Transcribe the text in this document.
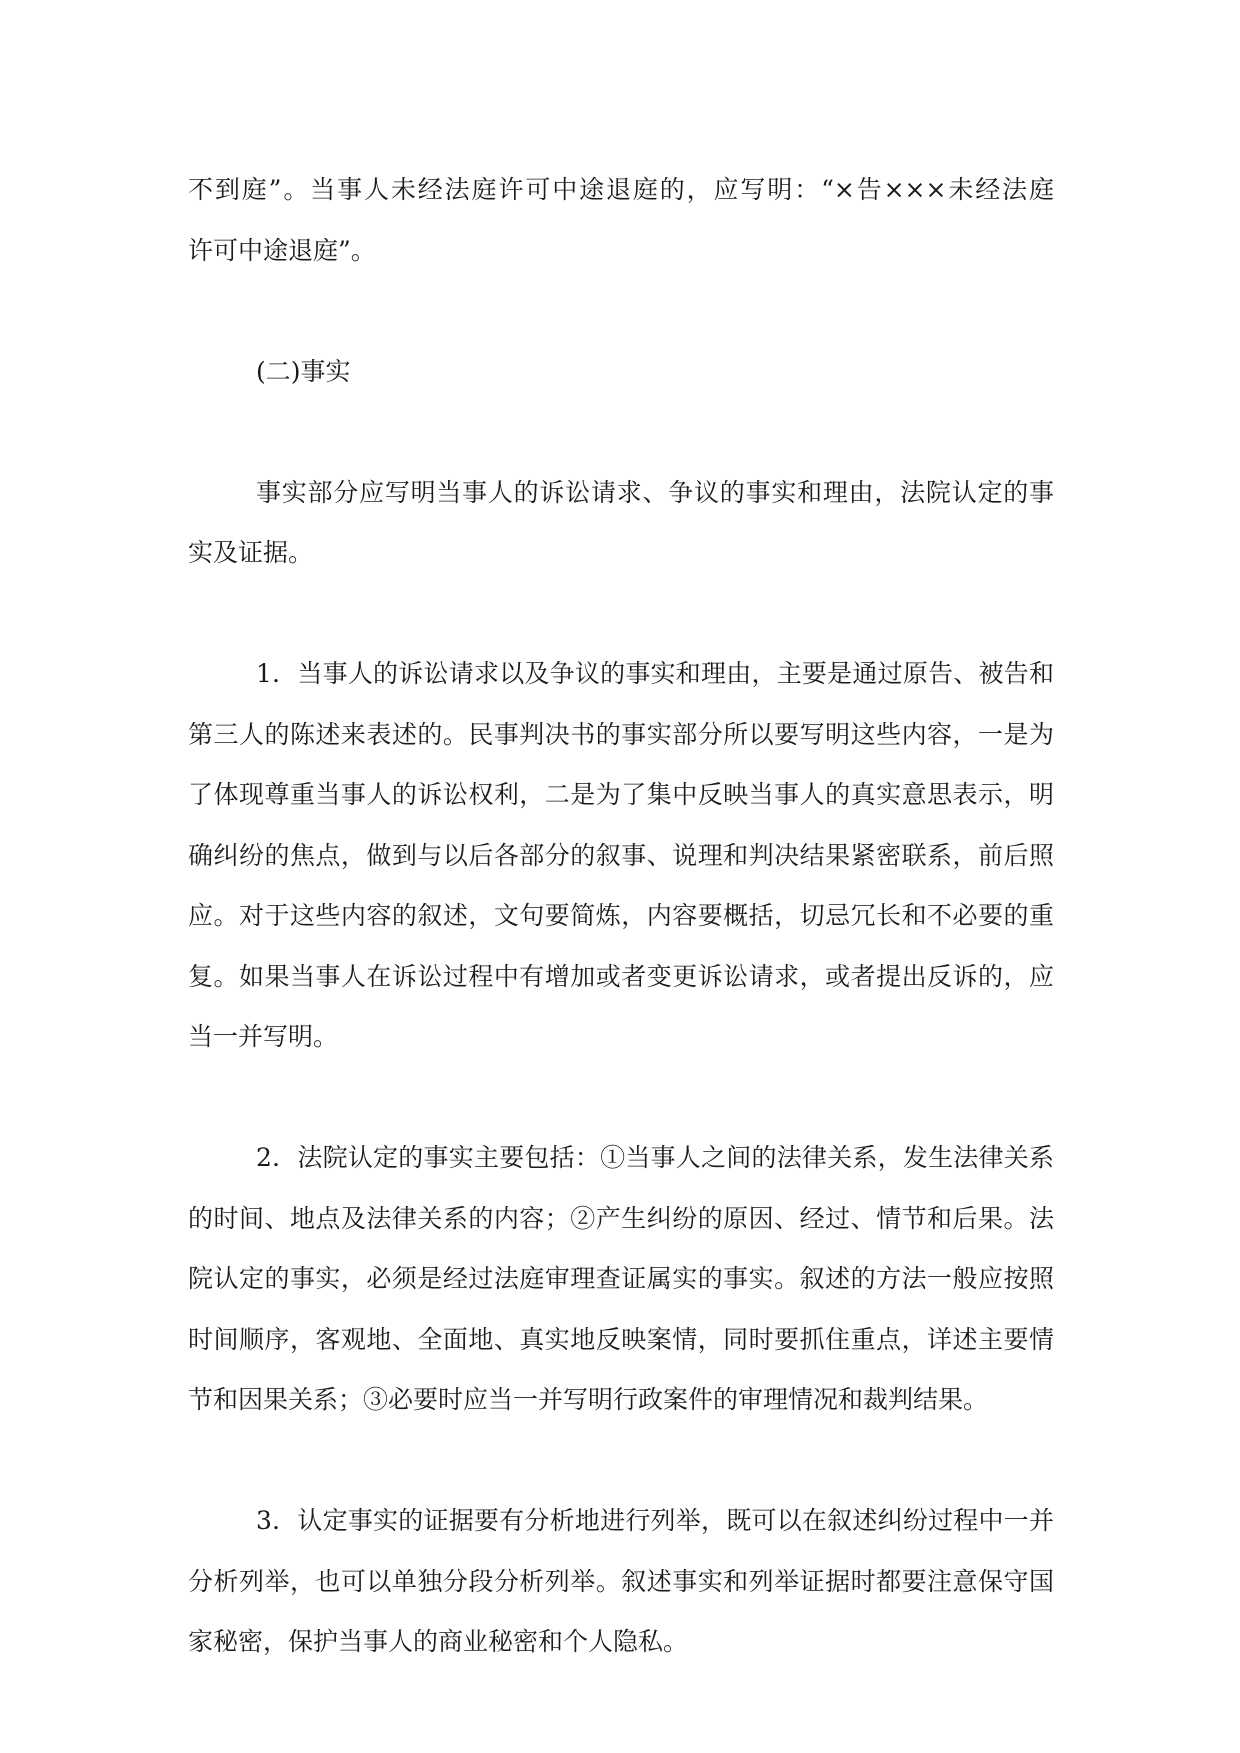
不到庭”。当事人未经法庭许可中途退庭的，应写明：“×告×××未经法庭
许可中途退庭”。

(二)事实

事实部分应写明当事人的诉讼请求、争议的事实和理由，法院认定的事
实及证据。

1．当事人的诉讼请求以及争议的事实和理由，主要是通过原告、被告和
第三人的陈述来表述的。民事判决书的事实部分所以要写明这些内容，一是为
了体现尊重当事人的诉讼权利，二是为了集中反映当事人的真实意思表示，明
确纠纷的焦点，做到与以后各部分的叙事、说理和判决结果紧密联系，前后照
应。对于这些内容的叙述，文句要简炼，内容要概括，切忌冗长和不必要的重
复。如果当事人在诉讼过程中有增加或者变更诉讼请求，或者提出反诉的，应
当一并写明。

2．法院认定的事实主要包括：①当事人之间的法律关系，发生法律关系
的时间、地点及法律关系的内容；②产生纠纷的原因、经过、情节和后果。法
院认定的事实，必须是经过法庭审理查证属实的事实。叙述的方法一般应按照
时间顺序，客观地、全面地、真实地反映案情，同时要抓住重点，详述主要情
节和因果关系；③必要时应当一并写明行政案件的审理情况和裁判结果。

3．认定事实的证据要有分析地进行列举，既可以在叙述纠纷过程中一并
分析列举，也可以单独分段分析列举。叙述事实和列举证据时都要注意保守国
家秘密，保护当事人的商业秘密和个人隐私。
